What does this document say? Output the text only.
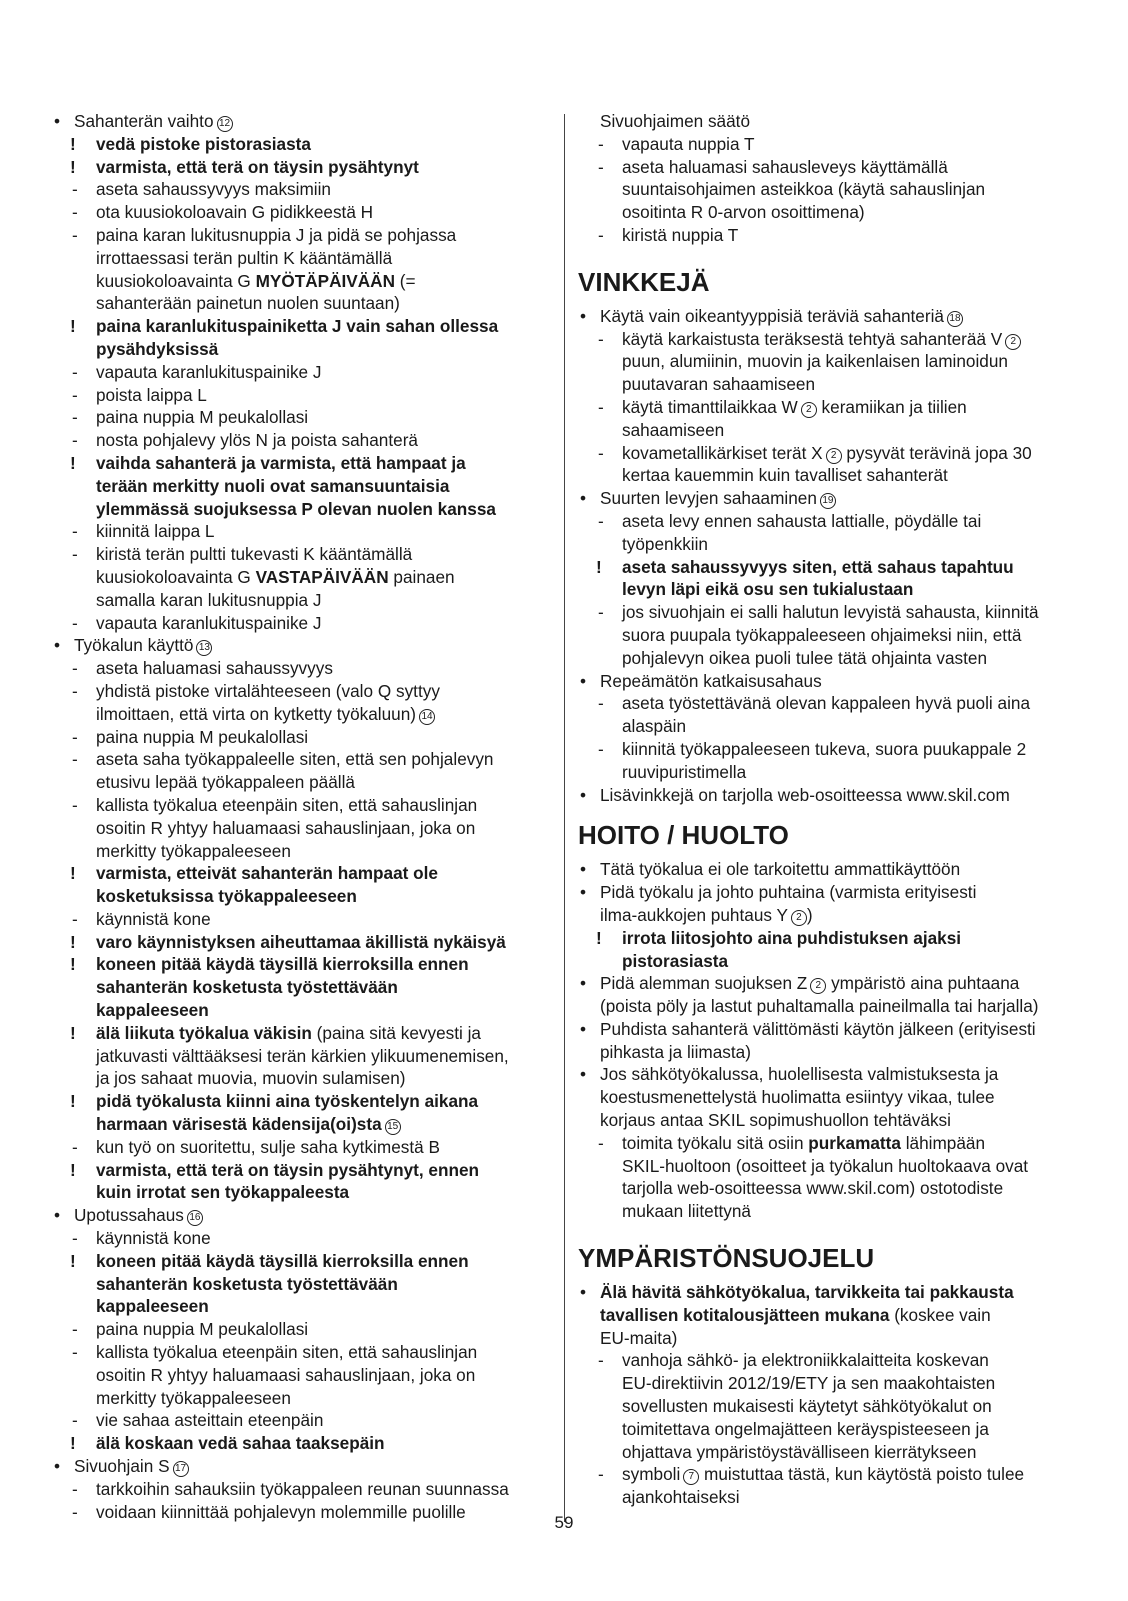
• Sahanterän vaihto 12
! vedä pistoke pistorasiasta
! varmista, että terä on täysin pysähtynyt
- aseta sahaussyvyys maksimiin
- ota kuusiokoloavain G pidikkeestä H
- paina karan lukitusnuppia J ja pidä se pohjassa
irrottaessasi terän pultin K kääntämällä
kuusiokoloavainta G MYÖTÄPÄIVÄÄN (=
sahanterään painetun nuolen suuntaan)
! paina karanlukituspainiketta J vain sahan ollessa
pysähdyksissä
- vapauta karanlukituspainike J
- poista laippa L
- paina nuppia M peukalollasi
- nosta pohjalevy ylös N ja poista sahanterä
! vaihda sahanterä ja varmista, että hampaat ja
terään merkitty nuoli ovat samansuuntaisia
ylemmässä suojuksessa P olevan nuolen kanssa
- kiinnitä laippa L
- kiristä terän pultti tukevasti K kääntämällä
kuusiokoloavainta G VASTAPÄIVÄÄN painaen
samalla karan lukitusnuppia J
- vapauta karanlukituspainike J
• Työkalun käyttö 13
- aseta haluamasi sahaussyvyys
- yhdistä pistoke virtalähteeseen (valo Q syttyy
ilmoittaen, että virta on kytketty työkaluun) 14
- paina nuppia M peukalollasi
- aseta saha työkappaleelle siten, että sen pohjalevyn
etusivu lepää työkappaleen päällä
- kallista työkalua eteenpäin siten, että sahauslinjan
osoitin R yhtyy haluamaasi sahauslinjaan, joka on
merkitty työkappaleeseen
! varmista, etteivät sahanterän hampaat ole
kosketuksissa työkappaleeseen
- käynnistä kone
! varo käynnistyksen aiheuttamaa äkillistä nykäisyä
! koneen pitää käydä täysillä kierroksilla ennen
sahanterän kosketusta työstettävään
kappaleeseen
! älä liikuta työkalua väkisin (paina sitä kevyesti ja
jatkuvasti välttääksesi terän kärkien ylikuumenemisen,
ja jos sahaat muovia, muovin sulamisen)
! pidä työkalusta kiinni aina työskentelyn aikana
harmaan värisestä kädensija(oi)sta 15
- kun työ on suoritettu, sulje saha kytkimestä B
! varmista, että terä on täysin pysähtynyt, ennen
kuin irrotat sen työkappaleesta
• Upotussahaus 16
- käynnistä kone
! koneen pitää käydä täysillä kierroksilla ennen
sahanterän kosketusta työstettävään
kappaleeseen
- paina nuppia M peukalollasi
- kallista työkalua eteenpäin siten, että sahauslinjan
osoitin R yhtyy haluamaasi sahauslinjaan, joka on
merkitty työkappaleeseen
- vie sahaa asteittain eteenpäin
! älä koskaan vedä sahaa taaksepäin
• Sivuohjain S 17
- tarkkoihin sahauksiin työkappaleen reunan suunnassa
- voidaan kiinnittää pohjalevyn molemmille puolille
Sivuohjaimen säätö
- vapauta nuppia T
- aseta haluamasi sahausleveys käyttämällä
suuntaisohjaimen asteikkoa (käytä sahauslinjan
osoitinta R 0-arvon osoittimena)
- kiristä nuppia T
VINKKEJÄ
• Käytä vain oikeantyyppisiä teräviä sahanteriä 18
- käytä karkaistusta teräksestä tehtyä sahanterää V 2
puun, alumiinin, muovin ja kaikenlaisen laminoidun
puutavaran sahaamiseen
- käytä timanttilaikkaa W 2 keramiikan ja tiilien
sahaamiseen
- kovametallikärkiset terät X 2 pysyvät terävinä jopa 30
kertaa kauemmin kuin tavalliset sahanterät
• Suurten levyjen sahaaminen 19
- aseta levy ennen sahausta lattialle, pöydälle tai
työpenkkiin
! aseta sahaussyvyys siten, että sahaus tapahtuu
levyn läpi eikä osu sen tukialustaan
- jos sivuohjain ei salli halutun levyistä sahausta, kiinnitä
suora puupala työkappaleeseen ohjaimeksi niin, että
pohjalevyn oikea puoli tulee tätä ohjainta vasten
• Repeämätön katkaisusahaus
- aseta työstettävänä olevan kappaleen hyvä puoli aina
alaspäin
- kiinnitä työkappaleeseen tukeva, suora puukappale 2
ruuvipuristimella
• Lisävinkkejä on tarjolla web-osoitteessa www.skil.com
HOITO / HUOLTO
• Tätä työkalua ei ole tarkoitettu ammattikäyttöön
• Pidä työkalu ja johto puhtaina (varmista erityisesti
ilma-aukkojen puhtaus Y 2 )
! irrota liitosjohto aina puhdistuksen ajaksi
pistorasiasta
• Pidä alemman suojuksen Z 2 ympäristö aina puhtaana
(poista pöly ja lastut puhaltamalla paineilmalla tai harjalla)
• Puhdista sahanterä välittömästi käytön jälkeen (erityisesti
pihkasta ja liimasta)
• Jos sähkötyökalussa, huolellisesta valmistuksesta ja
koestusmenettelystä huolimatta esiintyy vikaa, tulee
korjaus antaa SKIL sopimushuollon tehtäväksi
- toimita työkalu sitä osiin purkamatta lähimpään
SKIL-huoltoon (osoitteet ja työkalun huoltokaava ovat
tarjolla web-osoitteessa www.skil.com) ostotodiste
mukaan liitettynä
YMPÄRISTÖNSUOJELU
• Älä hävitä sähkötyökalua, tarvikkeita tai pakkausta
tavallisen kotitalousjätteen mukana (koskee vain
EU-maita)
- vanhoja sähkö- ja elektroniikkalaitteita koskevan
EU-direktiivin 2012/19/ETY ja sen maakohtaisten
sovellusten mukaisesti käytetyt sähkötyökalut on
toimitettava ongelmajätteen keräyspisteeseen ja
ohjattava ympäristöystävälliseen kierrätykseen
- symboli 7 muistuttaa tästä, kun käytöstä poisto tulee
ajankohtaiseksi
59
